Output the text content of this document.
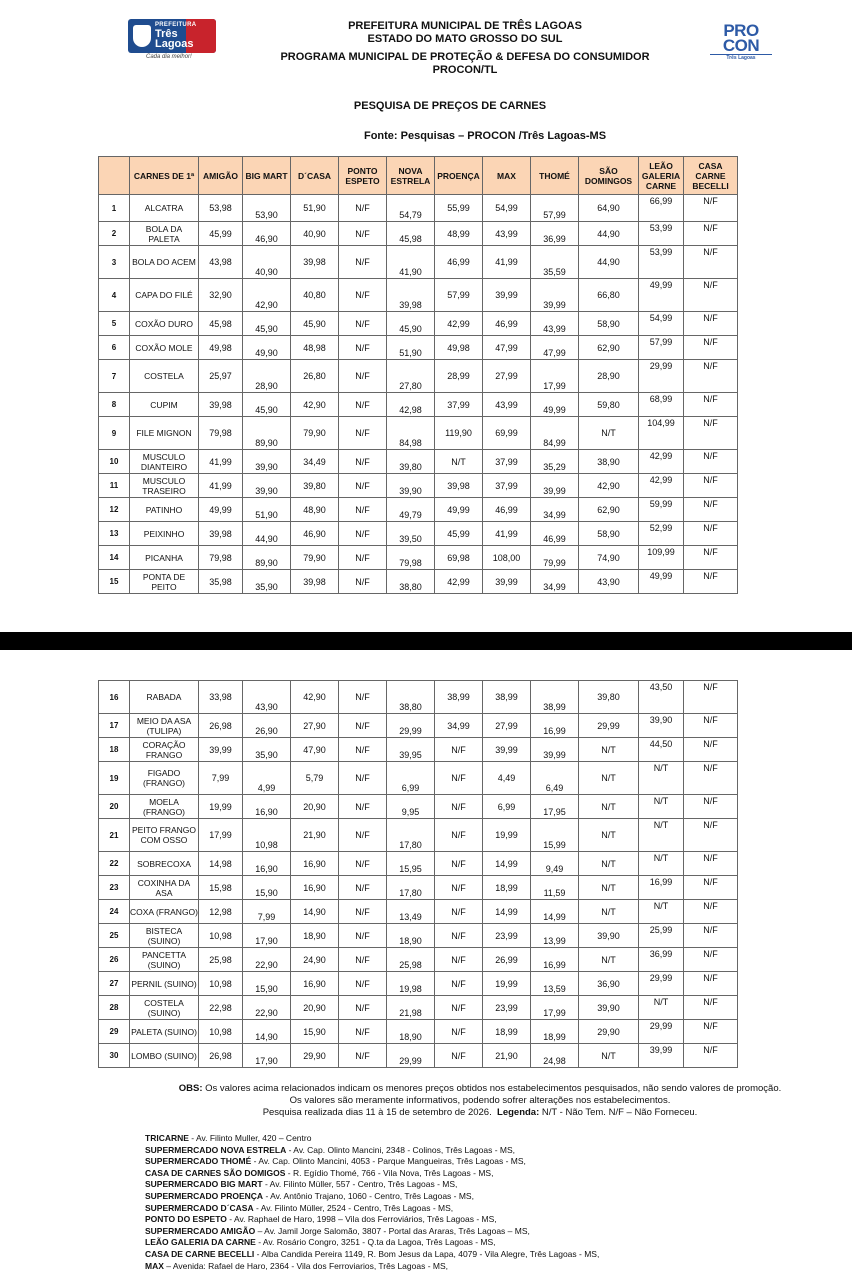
PREFEITURA
Três Lagoas
Cada dia melhor!
PREFEITURA MUNICIPAL DE TRÊS LAGOAS
ESTADO DO MATO GROSSO DO SUL
PROGRAMA MUNICIPAL DE PROTEÇÃO & DEFESA DO CONSUMIDOR
PROCON/TL
PRO
CON
Três Lagoas
PESQUISA DE PREÇOS DE CARNES
Fonte: Pesquisas – PROCON /Três Lagoas-MS
	CARNES DE 1ª	AMIGÃO	BIG MART	D´CASA	PONTO ESPETO	NOVA ESTRELA	PROENÇA	MAX	THOMÉ	SÃO DOMINGOS	LEÃO GALERIA CARNE	CASA CARNE BECELLI
1	ALCATRA	53,98	53,90	51,90	N/F	54,79	55,99	54,99	57,99	64,90	66,99	N/F
2	BOLA DA PALETA	45,99	46,90	40,90	N/F	45,98	48,99	43,99	36,99	44,90	53,99	N/F
3	BOLA DO ACEM	43,98	40,90	39,98	N/F	41,90	46,99	41,99	35,59	44,90	53,99	N/F
4	CAPA DO FILÉ	32,90	42,90	40,80	N/F	39,98	57,99	39,99	39,99	66,80	49,99	N/F
5	COXÃO DURO	45,98	45,90	45,90	N/F	45,90	42,99	46,99	43,99	58,90	54,99	N/F
6	COXÃO MOLE	49,98	49,90	48,98	N/F	51,90	49,98	47,99	47,99	62,90	57,99	N/F
7	COSTELA	25,97	28,90	26,80	N/F	27,80	28,99	27,99	17,99	28,90	29,99	N/F
8	CUPIM	39,98	45,90	42,90	N/F	42,98	37,99	43,99	49,99	59,80	68,99	N/F
9	FILE MIGNON	79,98	89,90	79,90	N/F	84,98	119,90	69,99	84,99	N/T	104,99	N/F
10	MUSCULO DIANTEIRO	41,99	39,90	34,49	N/F	39,80	N/T	37,99	35,29	38,90	42,99	N/F
11	MUSCULO TRASEIRO	41,99	39,90	39,80	N/F	39,90	39,98	37,99	39,99	42,90	42,99	N/F
12	PATINHO	49,99	51,90	48,90	N/F	49,79	49,99	46,99	34,99	62,90	59,99	N/F
13	PEIXINHO	39,98	44,90	46,90	N/F	39,50	45,99	41,99	46,99	58,90	52,99	N/F
14	PICANHA	79,98	89,90	79,90	N/F	79,98	69,98	108,00	79,99	74,90	109,99	N/F
15	PONTA DE PEITO	35,98	35,90	39,98	N/F	38,80	42,99	39,99	34,99	43,90	49,99	N/F
16	RABADA	33,98	43,90	42,90	N/F	38,80	38,99	38,99	38,99	39,80	43,50	N/F
17	MEIO DA ASA (TULIPA)	26,98	26,90	27,90	N/F	29,99	34,99	27,99	16,99	29,99	39,90	N/F
18	CORAÇÃO FRANGO	39,99	35,90	47,90	N/F	39,95	N/F	39,99	39,99	N/T	44,50	N/F
19	FIGADO (FRANGO)	7,99	4,99	5,79	N/F	6,99	N/F	4,49	6,49	N/T	N/T	N/F
20	MOELA (FRANGO)	19,99	16,90	20,90	N/F	9,95	N/F	6,99	17,95	N/T	N/T	N/F
21	PEITO FRANGO COM OSSO	17,99	10,98	21,90	N/F	17,80	N/F	19,99	15,99	N/T	N/T	N/F
22	SOBRECOXA	14,98	16,90	16,90	N/F	15,95	N/F	14,99	9,49	N/T	N/T	N/F
23	COXINHA DA ASA	15,98	15,90	16,90	N/F	17,80	N/F	18,99	11,59	N/T	16,99	N/F
24	COXA (FRANGO)	12,98	7,99	14,90	N/F	13,49	N/F	14,99	14,99	N/T	N/T	N/F
25	BISTECA (SUINO)	10,98	17,90	18,90	N/F	18,90	N/F	23,99	13,99	39,90	25,99	N/F
26	PANCETTA (SUINO)	25,98	22,90	24,90	N/F	25,98	N/F	26,99	16,99	N/T	36,99	N/F
27	PERNIL (SUINO)	10,98	15,90	16,90	N/F	19,98	N/F	19,99	13,59	36,90	29,99	N/F
28	COSTELA (SUINO)	22,98	22,90	20,90	N/F	21,98	N/F	23,99	17,99	39,90	N/T	N/F
29	PALETA (SUINO)	10,98	14,90	15,90	N/F	18,90	N/F	18,99	18,99	29,90	29,99	N/F
30	LOMBO (SUINO)	26,98	17,90	29,90	N/F	29,99	N/F	21,90	24,98	N/T	39,99	N/F
OBS: Os valores acima relacionados indicam os menores preços obtidos nos estabelecimentos pesquisados, não sendo valores de promoção.
Os valores são meramente informativos, podendo sofrer alterações nos estabelecimentos.
Pesquisa realizada dias 11 à 15 de setembro de 2026. Legenda: N/T - Não Tem. N/F – Não Forneceu.
TRICARNE - Av. Filinto Muller, 420 – Centro
SUPERMERCADO NOVA ESTRELA - Av. Cap. Olinto Mancini, 2348 - Colinos, Três Lagoas - MS,
SUPERMERCADO THOMÉ - Av. Cap. Olinto Mancini, 4053 - Parque Mangueiras, Três Lagoas - MS,
CASA DE CARNES SÃO DOMIGOS - R. Egídio Thomé, 766 - Vila Nova, Três Lagoas - MS,
SUPERMERCADO BIG MART - Av. Filinto Müller, 557 - Centro, Três Lagoas - MS,
SUPERMERCADO PROENÇA - Av. Antônio Trajano, 1060 - Centro, Três Lagoas - MS,
SUPERMERCADO D´CASA - Av. Filinto Müller, 2524 - Centro, Três Lagoas - MS,
PONTO DO ESPETO - Av. Raphael de Haro, 1998 – Vila dos Ferroviários, Três Lagoas - MS,
SUPERMERCADO AMIGÃO – Av. Jamil Jorge Salomão, 3807 - Portal das Araras, Três Lagoas – MS,
LEÃO GALERIA DA CARNE - Av. Rosário Congro, 3251 - Q.ta da Lagoa, Três Lagoas - MS,
CASA DE CARNE BECELLI - Alba Candida Pereira 1149, R. Bom Jesus da Lapa, 4079 - Vila Alegre, Três Lagoas - MS,
MAX – Avenida: Rafael de Haro, 2364 - Vila dos Ferroviarios, Três Lagoas - MS,
